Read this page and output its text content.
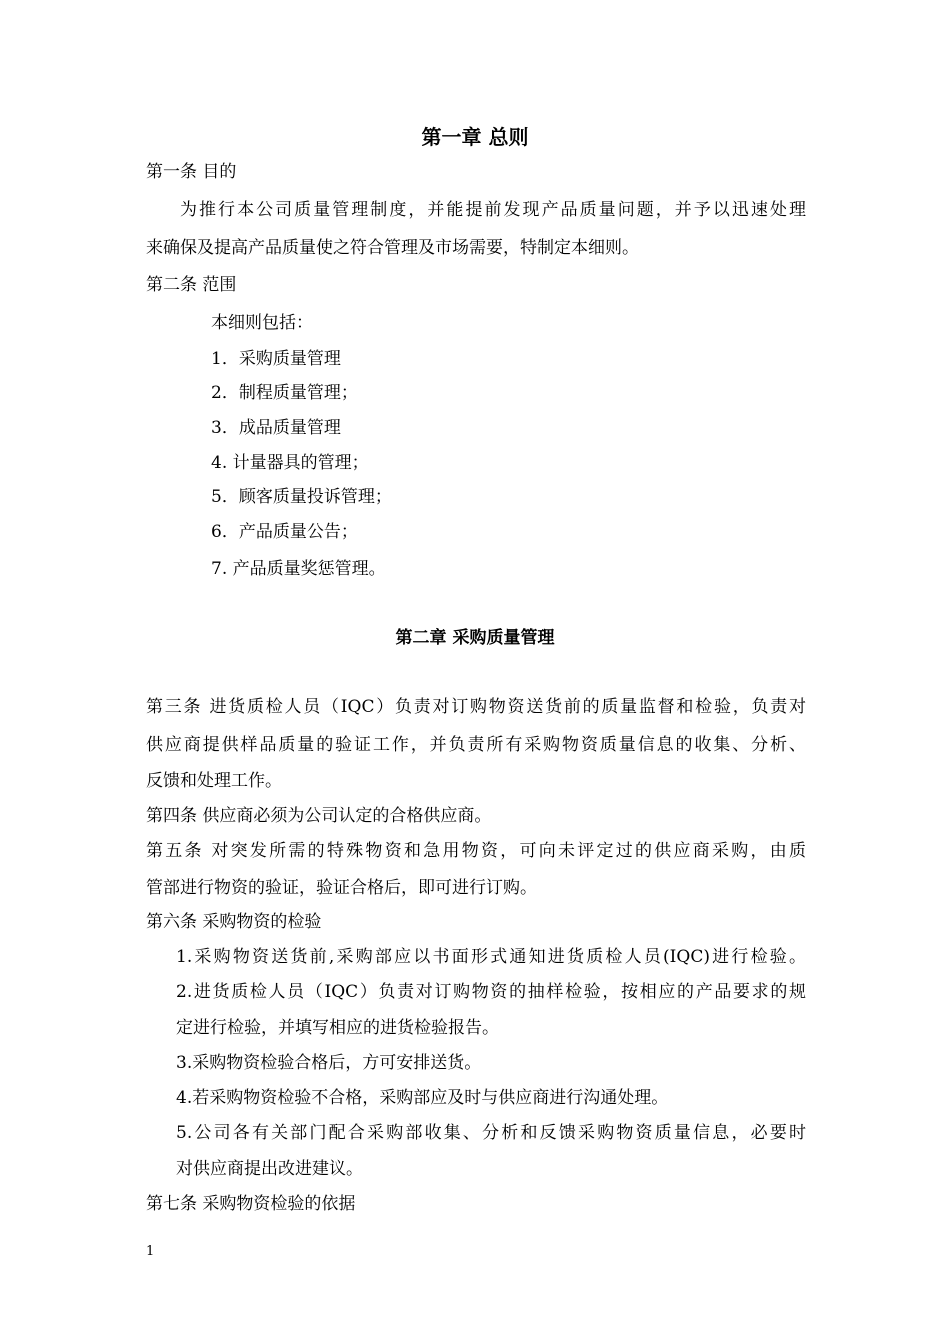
第一章 总则
第一条 目的
为推行本公司质量管理制度，并能提前发现产品质量问题，并予以迅速处理
来确保及提高产品质量使之符合管理及市场需要，特制定本细则。
第二条 范围
本细则包括：
1．采购质量管理
2．制程质量管理；
3．成品质量管理
4. 计量器具的管理；
5．顾客质量投诉管理；
6．产品质量公告；
7. 产品质量奖惩管理。
第二章 采购质量管理
第三条 进货质检人员（IQC）负责对订购物资送货前的质量监督和检验，负责对
供应商提供样品质量的验证工作，并负责所有采购物资质量信息的收集、分析、
反馈和处理工作。
第四条 供应商必须为公司认定的合格供应商。
第五条 对突发所需的特殊物资和急用物资，可向未评定过的供应商采购，由质
管部进行物资的验证，验证合格后，即可进行订购。
第六条 采购物资的检验
1.采购物资送货前,采购部应以书面形式通知进货质检人员(IQC)进行检验。
2.进货质检人员（IQC）负责对订购物资的抽样检验，按相应的产品要求的规
定进行检验，并填写相应的进货检验报告。
3.采购物资检验合格后，方可安排送货。
4.若采购物资检验不合格，采购部应及时与供应商进行沟通处理。
5.公司各有关部门配合采购部收集、分析和反馈采购物资质量信息，必要时
对供应商提出改进建议。
第七条 采购物资检验的依据
1
